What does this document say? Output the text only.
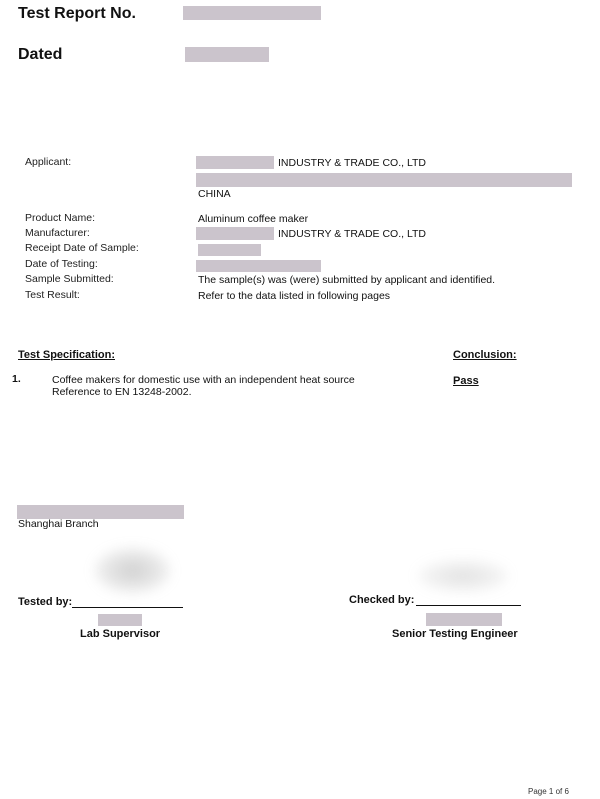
Test Report No.
Dated
Applicant:	INDUSTRY & TRADE CO., LTD
CHINA
Product Name:	Aluminum coffee maker
Manufacturer:	INDUSTRY & TRADE CO., LTD
Receipt Date of Sample:
Date of Testing:
Sample Submitted:	The sample(s) was (were) submitted by applicant and identified.
Test Result:	Refer to the data listed in following pages
Test Specification:	Conclusion:
1.	Coffee makers for domestic use with an independent heat source
Reference to EN 13248-2002.
Pass
Shanghai Branch
Tested by:
Lab Supervisor
Checked by:
Senior Testing Engineer
Page 1 of 6
